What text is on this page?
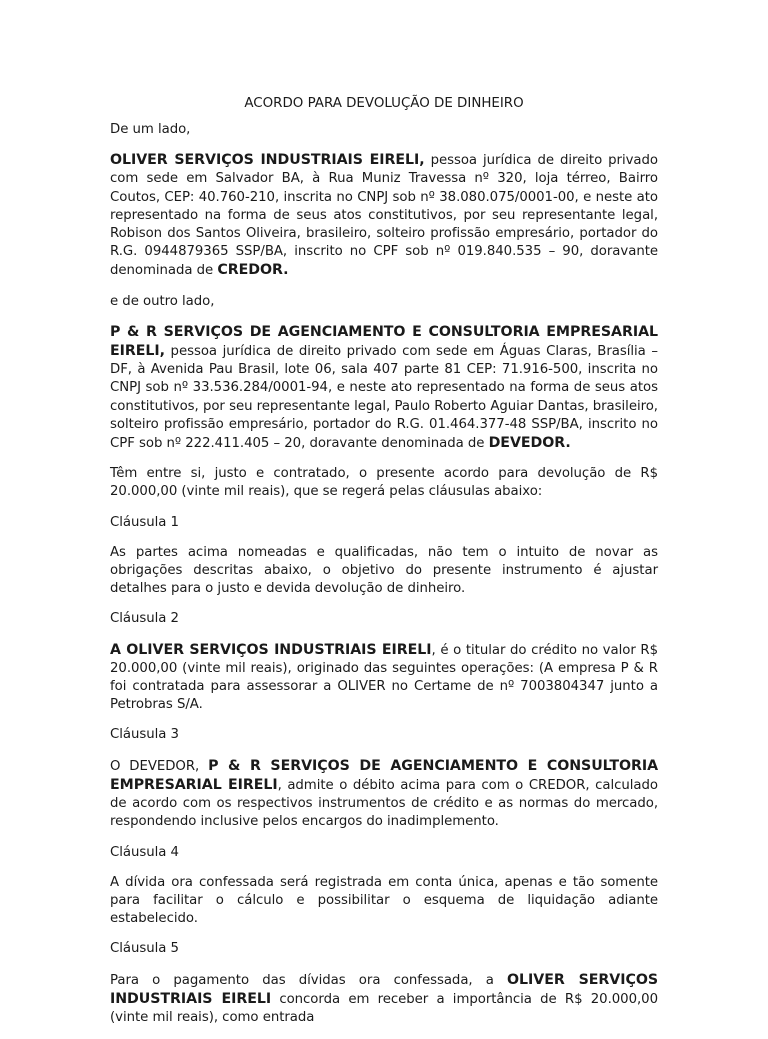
ACORDO PARA DEVOLUÇÃO DE DINHEIRO

De um lado,

OLIVER SERVIÇOS INDUSTRIAIS EIRELI, pessoa jurídica de direito privado com sede em Salvador BA, à Rua Muniz Travessa nº 320, loja térreo, Bairro Coutos, CEP: 40.760-210, inscrita no CNPJ sob nº 38.080.075/0001-00, e neste ato representado na forma de seus atos constitutivos, por seu representante legal, Robison dos Santos Oliveira, brasileiro, solteiro profissão empresário, portador do R.G. 0944879365 SSP/BA, inscrito no CPF sob nº 019.840.535 – 90, doravante denominada de CREDOR.

e de outro lado,

P & R SERVIÇOS DE AGENCIAMENTO E CONSULTORIA EMPRESARIAL EIRELI, pessoa jurídica de direito privado com sede em Águas Claras, Brasília – DF, à Avenida Pau Brasil, lote 06, sala 407 parte 81 CEP: 71.916-500, inscrita no CNPJ sob nº 33.536.284/0001-94, e neste ato representado na forma de seus atos constitutivos, por seu representante legal, Paulo Roberto Aguiar Dantas, brasileiro, solteiro profissão empresário, portador do R.G. 01.464.377-48 SSP/BA, inscrito no CPF sob nº 222.411.405 – 20, doravante denominada de DEVEDOR.

Têm entre si, justo e contratado, o presente acordo para devolução de R$ 20.000,00 (vinte mil reais), que se regerá pelas cláusulas abaixo:

Cláusula 1

As partes acima nomeadas e qualificadas, não tem o intuito de novar as obrigações descritas abaixo, o objetivo do presente instrumento é ajustar detalhes para o justo e devida devolução de dinheiro.

Cláusula 2

A OLIVER SERVIÇOS INDUSTRIAIS EIRELI, é o titular do crédito no valor R$ 20.000,00 (vinte mil reais), originado das seguintes operações: (A empresa P & R foi contratada para assessorar a OLIVER no Certame de nº 7003804347 junto a Petrobras S/A.

Cláusula 3

O DEVEDOR, P & R SERVIÇOS DE AGENCIAMENTO E CONSULTORIA EMPRESARIAL EIRELI, admite o débito acima para com o CREDOR, calculado de acordo com os respectivos instrumentos de crédito e as normas do mercado, respondendo inclusive pelos encargos do inadimplemento.

Cláusula 4

A dívida ora confessada será registrada em conta única, apenas e tão somente para facilitar o cálculo e possibilitar o esquema de liquidação adiante estabelecido.

Cláusula 5

Para o pagamento das dívidas ora confessada, a OLIVER SERVIÇOS INDUSTRIAIS EIRELI concorda em receber a importância de R$ 20.000,00 (vinte mil reais), como entrada
